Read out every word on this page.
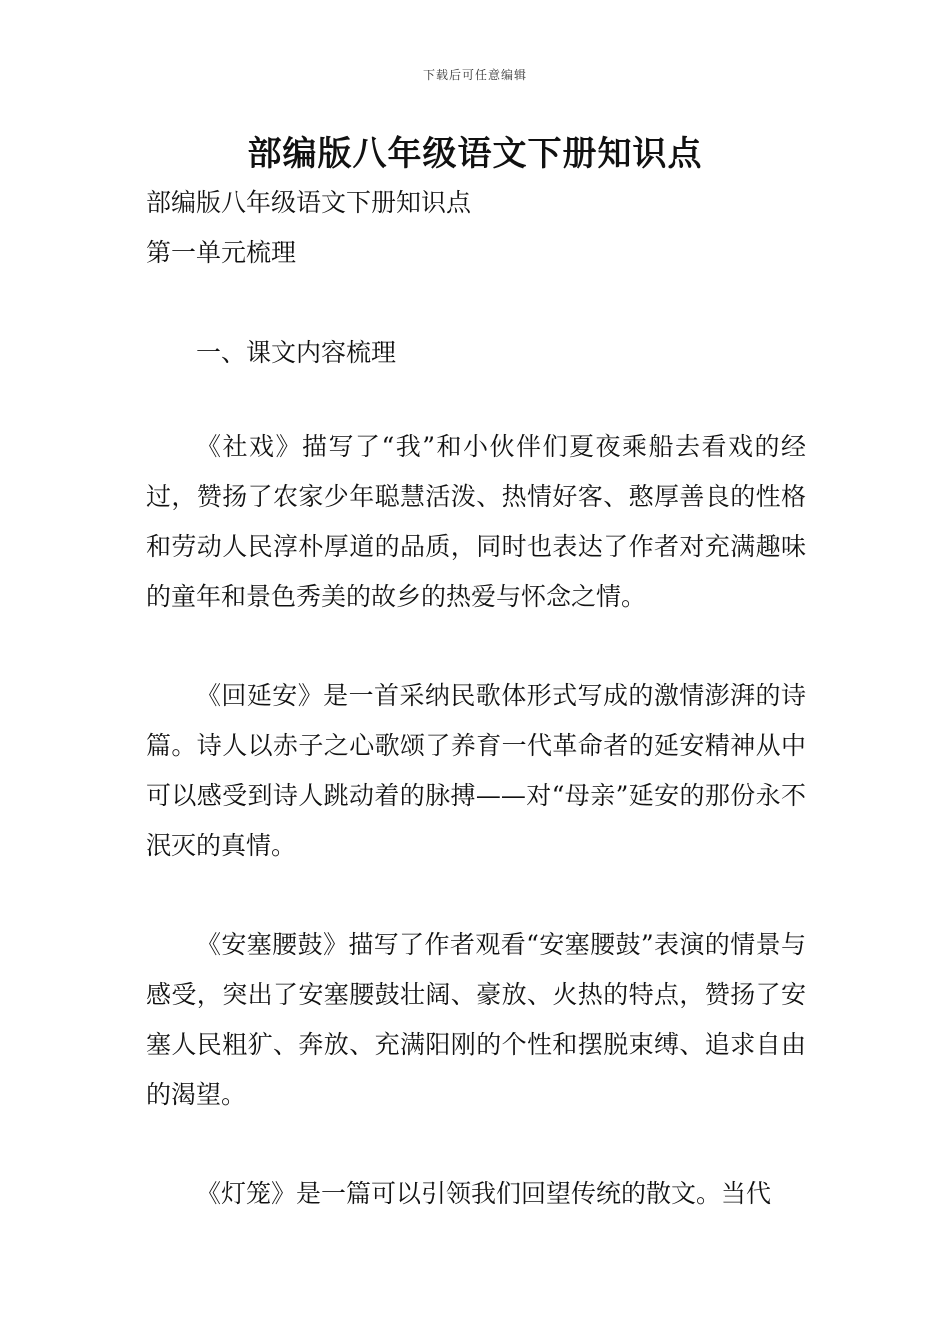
下载后可任意编辑
部编版八年级语文下册知识点
部编版八年级语文下册知识点
第一单元梳理
一、课文内容梳理

《社戏》描写了“我”和小伙伴们夏夜乘船去看戏的经过，赞扬了农家少年聪慧活泼、热情好客、憨厚善良的性格和劳动人民淳朴厚道的品质，同时也表达了作者对充满趣味的童年和景色秀美的故乡的热爱与怀念之情。

《回延安》是一首采纳民歌体形式写成的激情澎湃的诗篇。诗人以赤子之心歌颂了养育一代革命者的延安精神从中可以感受到诗人跳动着的脉搏——对“母亲”延安的那份永不泯灭的真情。

《安塞腰鼓》描写了作者观看“安塞腰鼓”表演的情景与感受，突出了安塞腰鼓壮阔、豪放、火热的特点，赞扬了安塞人民粗犷、奔放、充满阳刚的个性和摆脱束缚、追求自由的渴望。

《灯笼》是一篇可以引领我们回望传统的散文。当代
